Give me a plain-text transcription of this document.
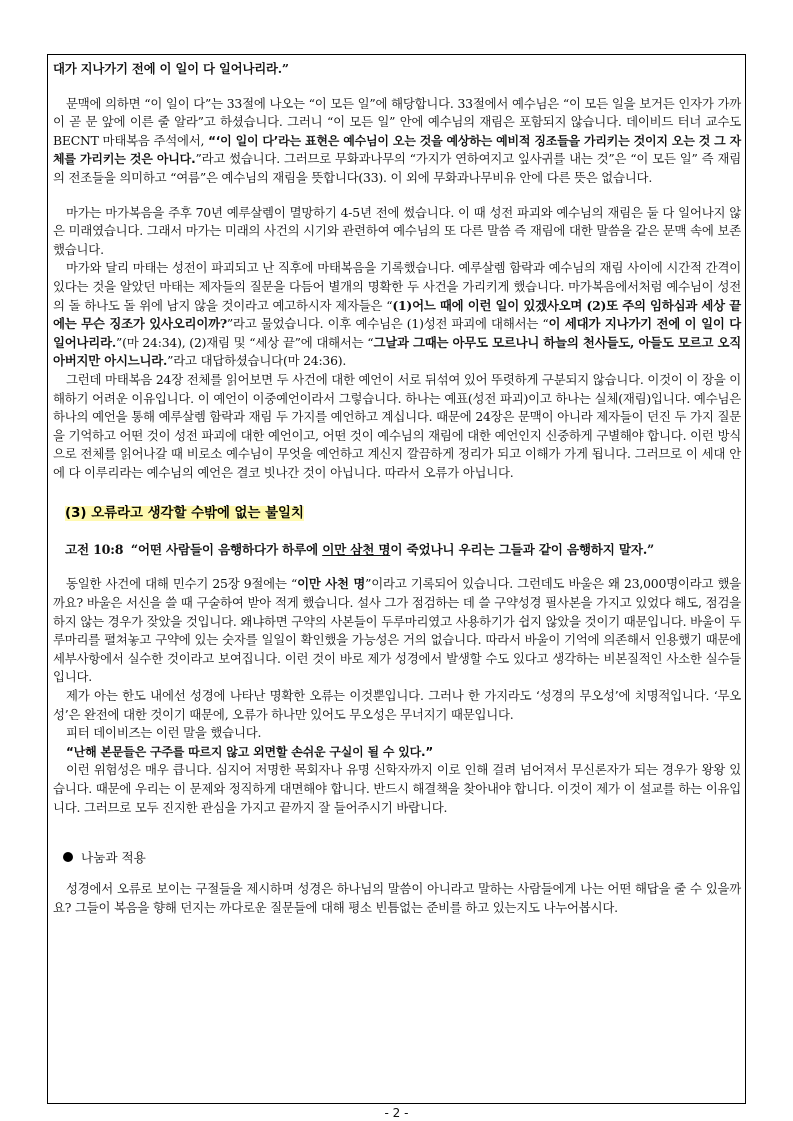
대가 지나가기 전에 이 일이 다 일어나리라.”

문맥에 의하면 “이 일이 다”는 33절에 나오는 “이 모든 일”에 해당합니다. 33절에서 예수님은 “이 모든 일을 보거든 인자가 가까이 곧 문 앞에 이른 줄 알라”고 하셨습니다. 그러니 “이 모든 일” 안에 예수님의 재림은 포함되지 않습니다. 데이비드 터너 교수도 BECNT 마태복음 주석에서, “‘이 일이 다’라는 표현은 예수님이 오는 것을 예상하는 예비적 징조들을 가리키는 것이지 오는 것 그 자체를 가리키는 것은 아니다.”라고 썼습니다. 그러므로 무화과나무의 “가지가 연하여지고 잎사귀를 내는 것”은 “이 모든 일” 즉 재림의 전조들을 의미하고 “여름”은 예수님의 재림을 뜻합니다(33). 이 외에 무화과나무비유 안에 다른 뜻은 없습니다.

마가는 마가복음을 주후 70년 예루살렘이 멸망하기 4-5년 전에 썼습니다. 이 때 성전 파괴와 예수님의 재림은 둘 다 일어나지 않은 미래였습니다. 그래서 마가는 미래의 사건의 시기와 관련하여 예수님의 또 다른 말씀 즉 재림에 대한 말씀을 같은 문맥 속에 보존했습니다.

마가와 달리 마태는 성전이 파괴되고 난 직후에 마태복음을 기록했습니다. 예루살렘 함락과 예수님의 재림 사이에 시간적 간격이 있다는 것을 알았던 마태는 제자들의 질문을 다듬어 별개의 명확한 두 사건을 가리키게 했습니다. 마가복음에서처럼 예수님이 성전의 돌 하나도 돌 위에 남지 않을 것이라고 예고하시자 제자들은 “(1)어느 때에 이런 일이 있겠사오며 (2)또 주의 임하심과 세상 끝에는 무슨 징조가 있사오리이까?”라고 물었습니다. 이후 예수님은 (1)성전 파괴에 대해서는 “이 세대가 지나가기 전에 이 일이 다 일어나리라.”(마 24:34), (2)재림 및 “세상 끝”에 대해서는 “그날과 그때는 아무도 모르나니 하늘의 천사들도, 아들도 모르고 오직 아버지만 아시느니라.”라고 대답하셨습니다(마 24:36).

그런데 마태복음 24장 전체를 읽어보면 두 사건에 대한 예언이 서로 뒤섞여 있어 뚜렷하게 구분되지 않습니다. 이것이 이 장을 이해하기 어려운 이유입니다. 이 예언이 이중예언이라서 그렇습니다. 하나는 예표(성전 파괴)이고 하나는 실체(재림)입니다. 예수님은 하나의 예언을 통해 예루살렘 함락과 재림 두 가지를 예언하고 계십니다. 때문에 24장은 문맥이 아니라 제자들이 던진 두 가지 질문을 기억하고 어떤 것이 성전 파괴에 대한 예언이고, 어떤 것이 예수님의 재림에 대한 예언인지 신중하게 구별해야 합니다. 이런 방식으로 전체를 읽어나갈 때 비로소 예수님이 무엇을 예언하고 계신지 깔끔하게 정리가 되고 이해가 가게 됩니다. 그러므로 이 세대 안에 다 이루리라는 예수님의 예언은 결코 빗나간 것이 아닙니다. 따라서 오류가 아닙니다.

(3) 오류라고 생각할 수밖에 없는 불일치

고전 10:8 “어떤 사람들이 음행하다가 하루에 이만 삼천 명이 죽었나니 우리는 그들과 같이 음행하지 말자.”

동일한 사건에 대해 민수기 25장 9절에는 “이만 사천 명”이라고 기록되어 있습니다. 그런데도 바울은 왜 23,000명이라고 했을까요? 바울은 서신을 쓸 때 구술하여 받아 적게 했습니다. 설사 그가 점검하는 데 쓸 구약성경 필사본을 가지고 있었다 해도, 점검을 하지 않는 경우가 잦았을 것입니다. 왜냐하면 구약의 사본들이 두루마리였고 사용하기가 쉽지 않았을 것이기 때문입니다. 바울이 두루마리를 펼쳐놓고 구약에 있는 숫자를 일일이 확인했을 가능성은 거의 없습니다. 따라서 바울이 기억에 의존해서 인용했기 때문에 세부사항에서 실수한 것이라고 보여집니다. 이런 것이 바로 제가 성경에서 발생할 수도 있다고 생각하는 비본질적인 사소한 실수들입니다.

제가 아는 한도 내에선 성경에 나타난 명확한 오류는 이것뿐입니다. 그러나 한 가지라도 ‘성경의 무오성’에 치명적입니다. ‘무오성’은 완전에 대한 것이기 때문에, 오류가 하나만 있어도 무오성은 무너지기 때문입니다.

피터 데이비즈는 이런 말을 했습니다.

“난해 본문들은 구주를 따르지 않고 외면할 손쉬운 구실이 될 수 있다.”

이런 위험성은 매우 큽니다. 심지어 저명한 목회자나 유명 신학자까지 이로 인해 걸려 넘어져서 무신론자가 되는 경우가 왕왕 있습니다. 때문에 우리는 이 문제와 정직하게 대면해야 합니다. 반드시 해결책을 찾아내야 합니다. 이것이 제가 이 설교를 하는 이유입니다. 그러므로 모두 진지한 관심을 가지고 끝까지 잘 들어주시기 바랍니다.

나눔과 적용

성경에서 오류로 보이는 구절들을 제시하며 성경은 하나님의 말씀이 아니라고 말하는 사람들에게 나는 어떤 해답을 줄 수 있을까요? 그들이 복음을 향해 던지는 까다로운 질문들에 대해 평소 빈틈없는 준비를 하고 있는지도 나누어봅시다.

- 2 -
